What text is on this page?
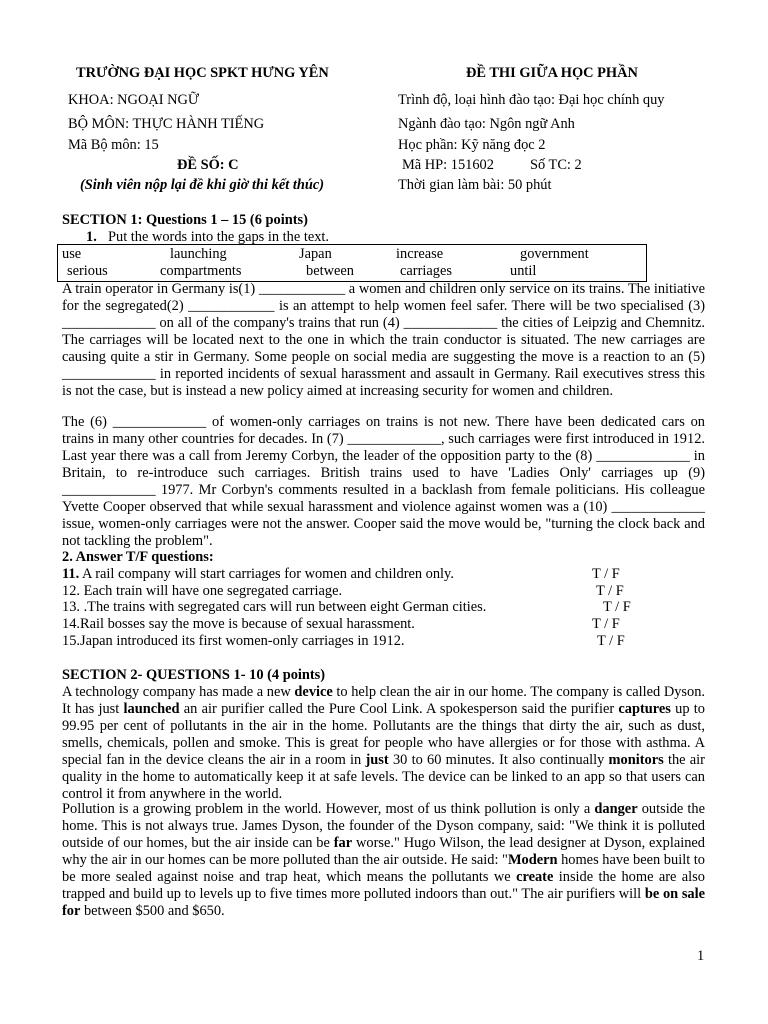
TRƯỜNG ĐẠI HỌC SPKT HƯNG YÊN	ĐỀ THI GIỮA HỌC PHẦN
KHOA: NGOẠI NGỮ	Trình độ, loại hình đào tạo: Đại học chính quy
BỘ MÔN: THỰC HÀNH TIẾNG	Ngành đào tạo: Ngôn ngữ Anh
Mã Bộ môn: 15	Học phần: Kỹ năng đọc 2
ĐỀ SỐ: C	Mã HP: 151602	Số TC: 2
(Sinh viên nộp lại đề khi giờ thi kết thúc)	Thời gian làm bài: 50 phút
SECTION 1: Questions 1 – 15 (6 points)
1. Put the words into the gaps in the text.
use	launching	Japan	increase	government
serious	compartments	between	carriages	until
A train operator in Germany is(1) ____________ a women and children only service on its trains. The initiative for the segregated(2) ____________ is an attempt to help women feel safer. There will be two specialised (3) _____________ on all of the company's trains that run (4) _____________ the cities of Leipzig and Chemnitz. The carriages will be located next to the one in which the train conductor is situated. The new carriages are causing quite a stir in Germany. Some people on social media are suggesting the move is a reaction to an (5) _____________ in reported incidents of sexual harassment and assault in Germany. Rail executives stress this is not the case, but is instead a new policy aimed at increasing security for women and children.
The (6) _____________ of women-only carriages on trains is not new. There have been dedicated cars on trains in many other countries for decades. In (7) _____________, such carriages were first introduced in 1912. Last year there was a call from Jeremy Corbyn, the leader of the opposition party to the (8) _____________ in Britain, to re-introduce such carriages. British trains used to have 'Ladies Only' carriages up (9) _____________ 1977. Mr Corbyn's comments resulted in a backlash from female politicians. His colleague Yvette Cooper observed that while sexual harassment and violence against women was a (10) _____________ issue, women-only carriages were not the answer. Cooper said the move would be, "turning the clock back and not tackling the problem".
2. Answer T/F questions:
11. A rail company will start carriages for women and children only.	T / F
12. Each train will have one segregated carriage.	T / F
13. .The trains with segregated cars will run between eight German cities.	T / F
14.Rail bosses say the move is because of sexual harassment.	T / F
15.Japan introduced its first women-only carriages in 1912.	T / F
SECTION 2- QUESTIONS 1- 10 (4 points)
A technology company has made a new device to help clean the air in our home. The company is called Dyson. It has just launched an air purifier called the Pure Cool Link. A spokesperson said the purifier captures up to 99.95 per cent of pollutants in the air in the home. Pollutants are the things that dirty the air, such as dust, smells, chemicals, pollen and smoke. This is great for people who have allergies or for those with asthma. A special fan in the device cleans the air in a room in just 30 to 60 minutes. It also continually monitors the air quality in the home to automatically keep it at safe levels. The device can be linked to an app so that users can control it from anywhere in the world.
Pollution is a growing problem in the world. However, most of us think pollution is only a danger outside the home. This is not always true. James Dyson, the founder of the Dyson company, said: "We think it is polluted outside of our homes, but the air inside can be far worse." Hugo Wilson, the lead designer at Dyson, explained why the air in our homes can be more polluted than the air outside. He said: "Modern homes have been built to be more sealed against noise and trap heat, which means the pollutants we create inside the home are also trapped and build up to levels up to five times more polluted indoors than out." The air purifiers will be on sale for between $500 and $650.
1
